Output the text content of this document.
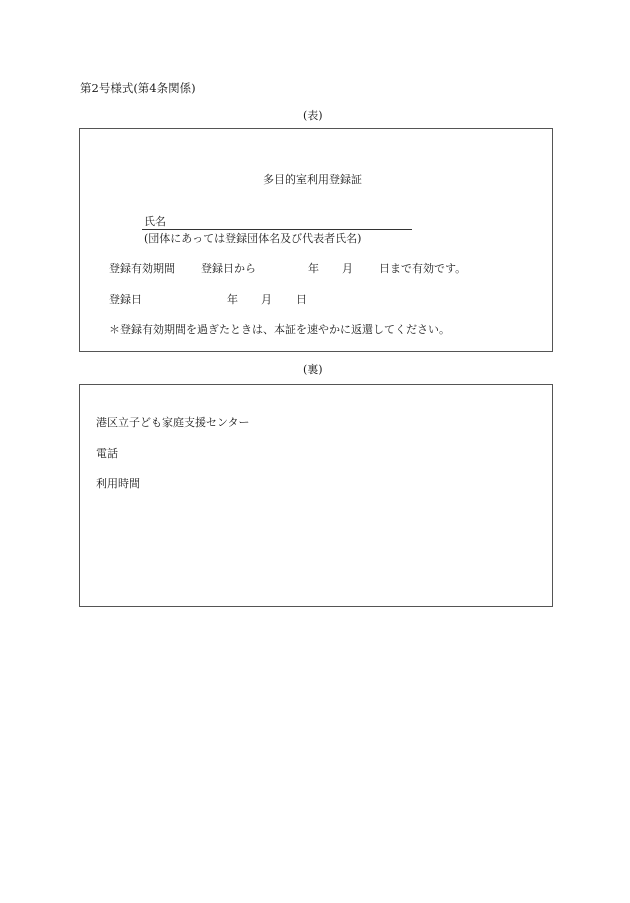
第2号様式(第4条関係)
(表)
多目的室利用登録証
氏名
(団体にあっては登録団体名及び代表者氏名)
登録有効期間 登録日から	年 月 日まで有効です。
登録日	年 月 日
＊登録有効期間を過ぎたときは、本証を速やかに返還してください。
(裏)
港区立子ども家庭支援センター
電話
利用時間
